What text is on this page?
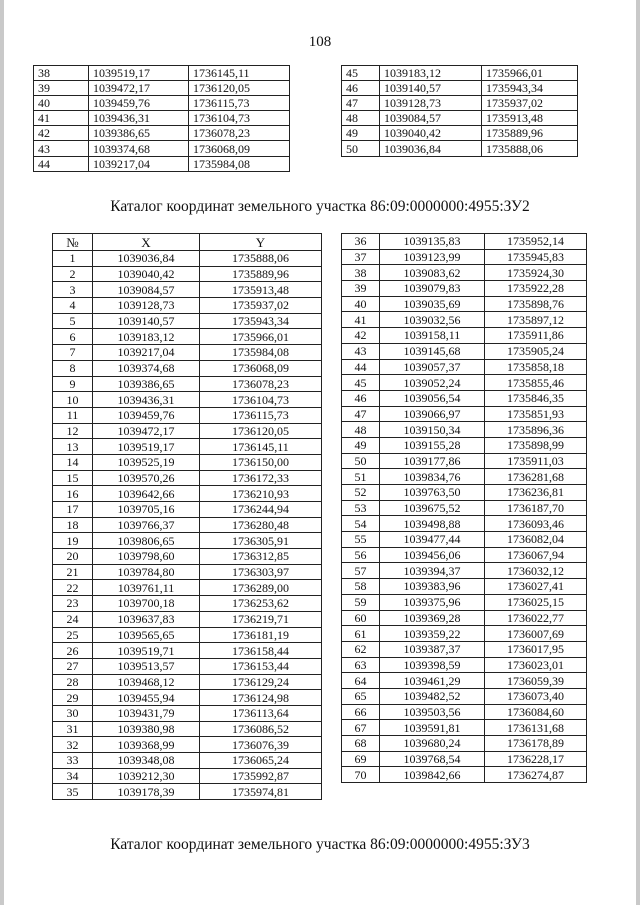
108
38	1039519,17	1736145,11
39	1039472,17	1736120,05
40	1039459,76	1736115,73
41	1039436,31	1736104,73
42	1039386,65	1736078,23
43	1039374,68	1736068,09
44	1039217,04	1735984,08
45	1039183,12	1735966,01
46	1039140,57	1735943,34
47	1039128,73	1735937,02
48	1039084,57	1735913,48
49	1039040,42	1735889,96
50	1039036,84	1735888,06
Каталог координат земельного участка 86:09:0000000:4955:ЗУ2
№	X	Y
1	1039036,84	1735888,06
2	1039040,42	1735889,96
3	1039084,57	1735913,48
4	1039128,73	1735937,02
5	1039140,57	1735943,34
6	1039183,12	1735966,01
7	1039217,04	1735984,08
8	1039374,68	1736068,09
9	1039386,65	1736078,23
10	1039436,31	1736104,73
11	1039459,76	1736115,73
12	1039472,17	1736120,05
13	1039519,17	1736145,11
14	1039525,19	1736150,00
15	1039570,26	1736172,33
16	1039642,66	1736210,93
17	1039705,16	1736244,94
18	1039766,37	1736280,48
19	1039806,65	1736305,91
20	1039798,60	1736312,85
21	1039784,80	1736303,97
22	1039761,11	1736289,00
23	1039700,18	1736253,62
24	1039637,83	1736219,71
25	1039565,65	1736181,19
26	1039519,71	1736158,44
27	1039513,57	1736153,44
28	1039468,12	1736129,24
29	1039455,94	1736124,98
30	1039431,79	1736113,64
31	1039380,98	1736086,52
32	1039368,99	1736076,39
33	1039348,08	1736065,24
34	1039212,30	1735992,87
35	1039178,39	1735974,81
36	1039135,83	1735952,14
37	1039123,99	1735945,83
38	1039083,62	1735924,30
39	1039079,83	1735922,28
40	1039035,69	1735898,76
41	1039032,56	1735897,12
42	1039158,11	1735911,86
43	1039145,68	1735905,24
44	1039057,37	1735858,18
45	1039052,24	1735855,46
46	1039056,54	1735846,35
47	1039066,97	1735851,93
48	1039150,34	1735896,36
49	1039155,28	1735898,99
50	1039177,86	1735911,03
51	1039834,76	1736281,68
52	1039763,50	1736236,81
53	1039675,52	1736187,70
54	1039498,88	1736093,46
55	1039477,44	1736082,04
56	1039456,06	1736067,94
57	1039394,37	1736032,12
58	1039383,96	1736027,41
59	1039375,96	1736025,15
60	1039369,28	1736022,77
61	1039359,22	1736007,69
62	1039387,37	1736017,95
63	1039398,59	1736023,01
64	1039461,29	1736059,39
65	1039482,52	1736073,40
66	1039503,56	1736084,60
67	1039591,81	1736131,68
68	1039680,24	1736178,89
69	1039768,54	1736228,17
70	1039842,66	1736274,87
Каталог координат земельного участка 86:09:0000000:4955:ЗУ3
